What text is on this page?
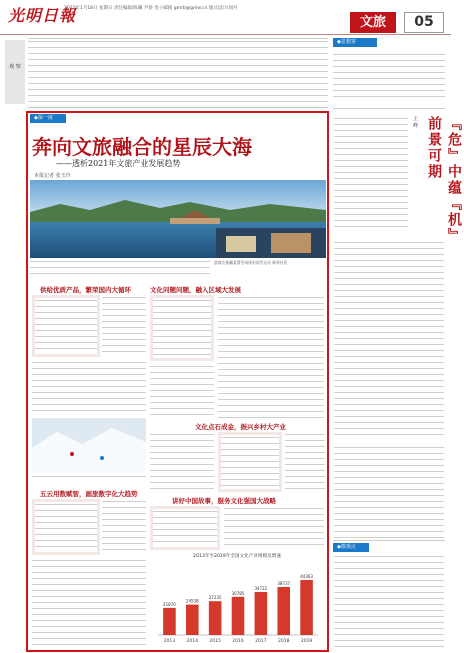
光明日報
2021年1月18日 星期日 责任编辑/陈曦 尹晨 电子邮箱 gmrb@gmw.cn 版式设计/刘丹
文旅	05
观 察
◆思想客
◆深一度
奔向文旅融合的星辰大海
——透析2021年文旅产业发展趋势
本报记者 张玉玲
游客在新疆某滑雪场体验冰雪运动 新华社发
供给优质产品，繁荣国内大循环	文化问题问题，融入区域大发展
五云用数赋智，画旅数字化大趋势
文化点石成金，振兴乡村大产业
讲好中国故事，服务文化强国大战略
2013年至2019年全国文化产业规模及增速
21870
2013
24538
2014
27235
2015
30785
2016
34722
2017
38737
2018
44363
2019
『危』中蕴『机』前景可期
王 峰
◆微观点
